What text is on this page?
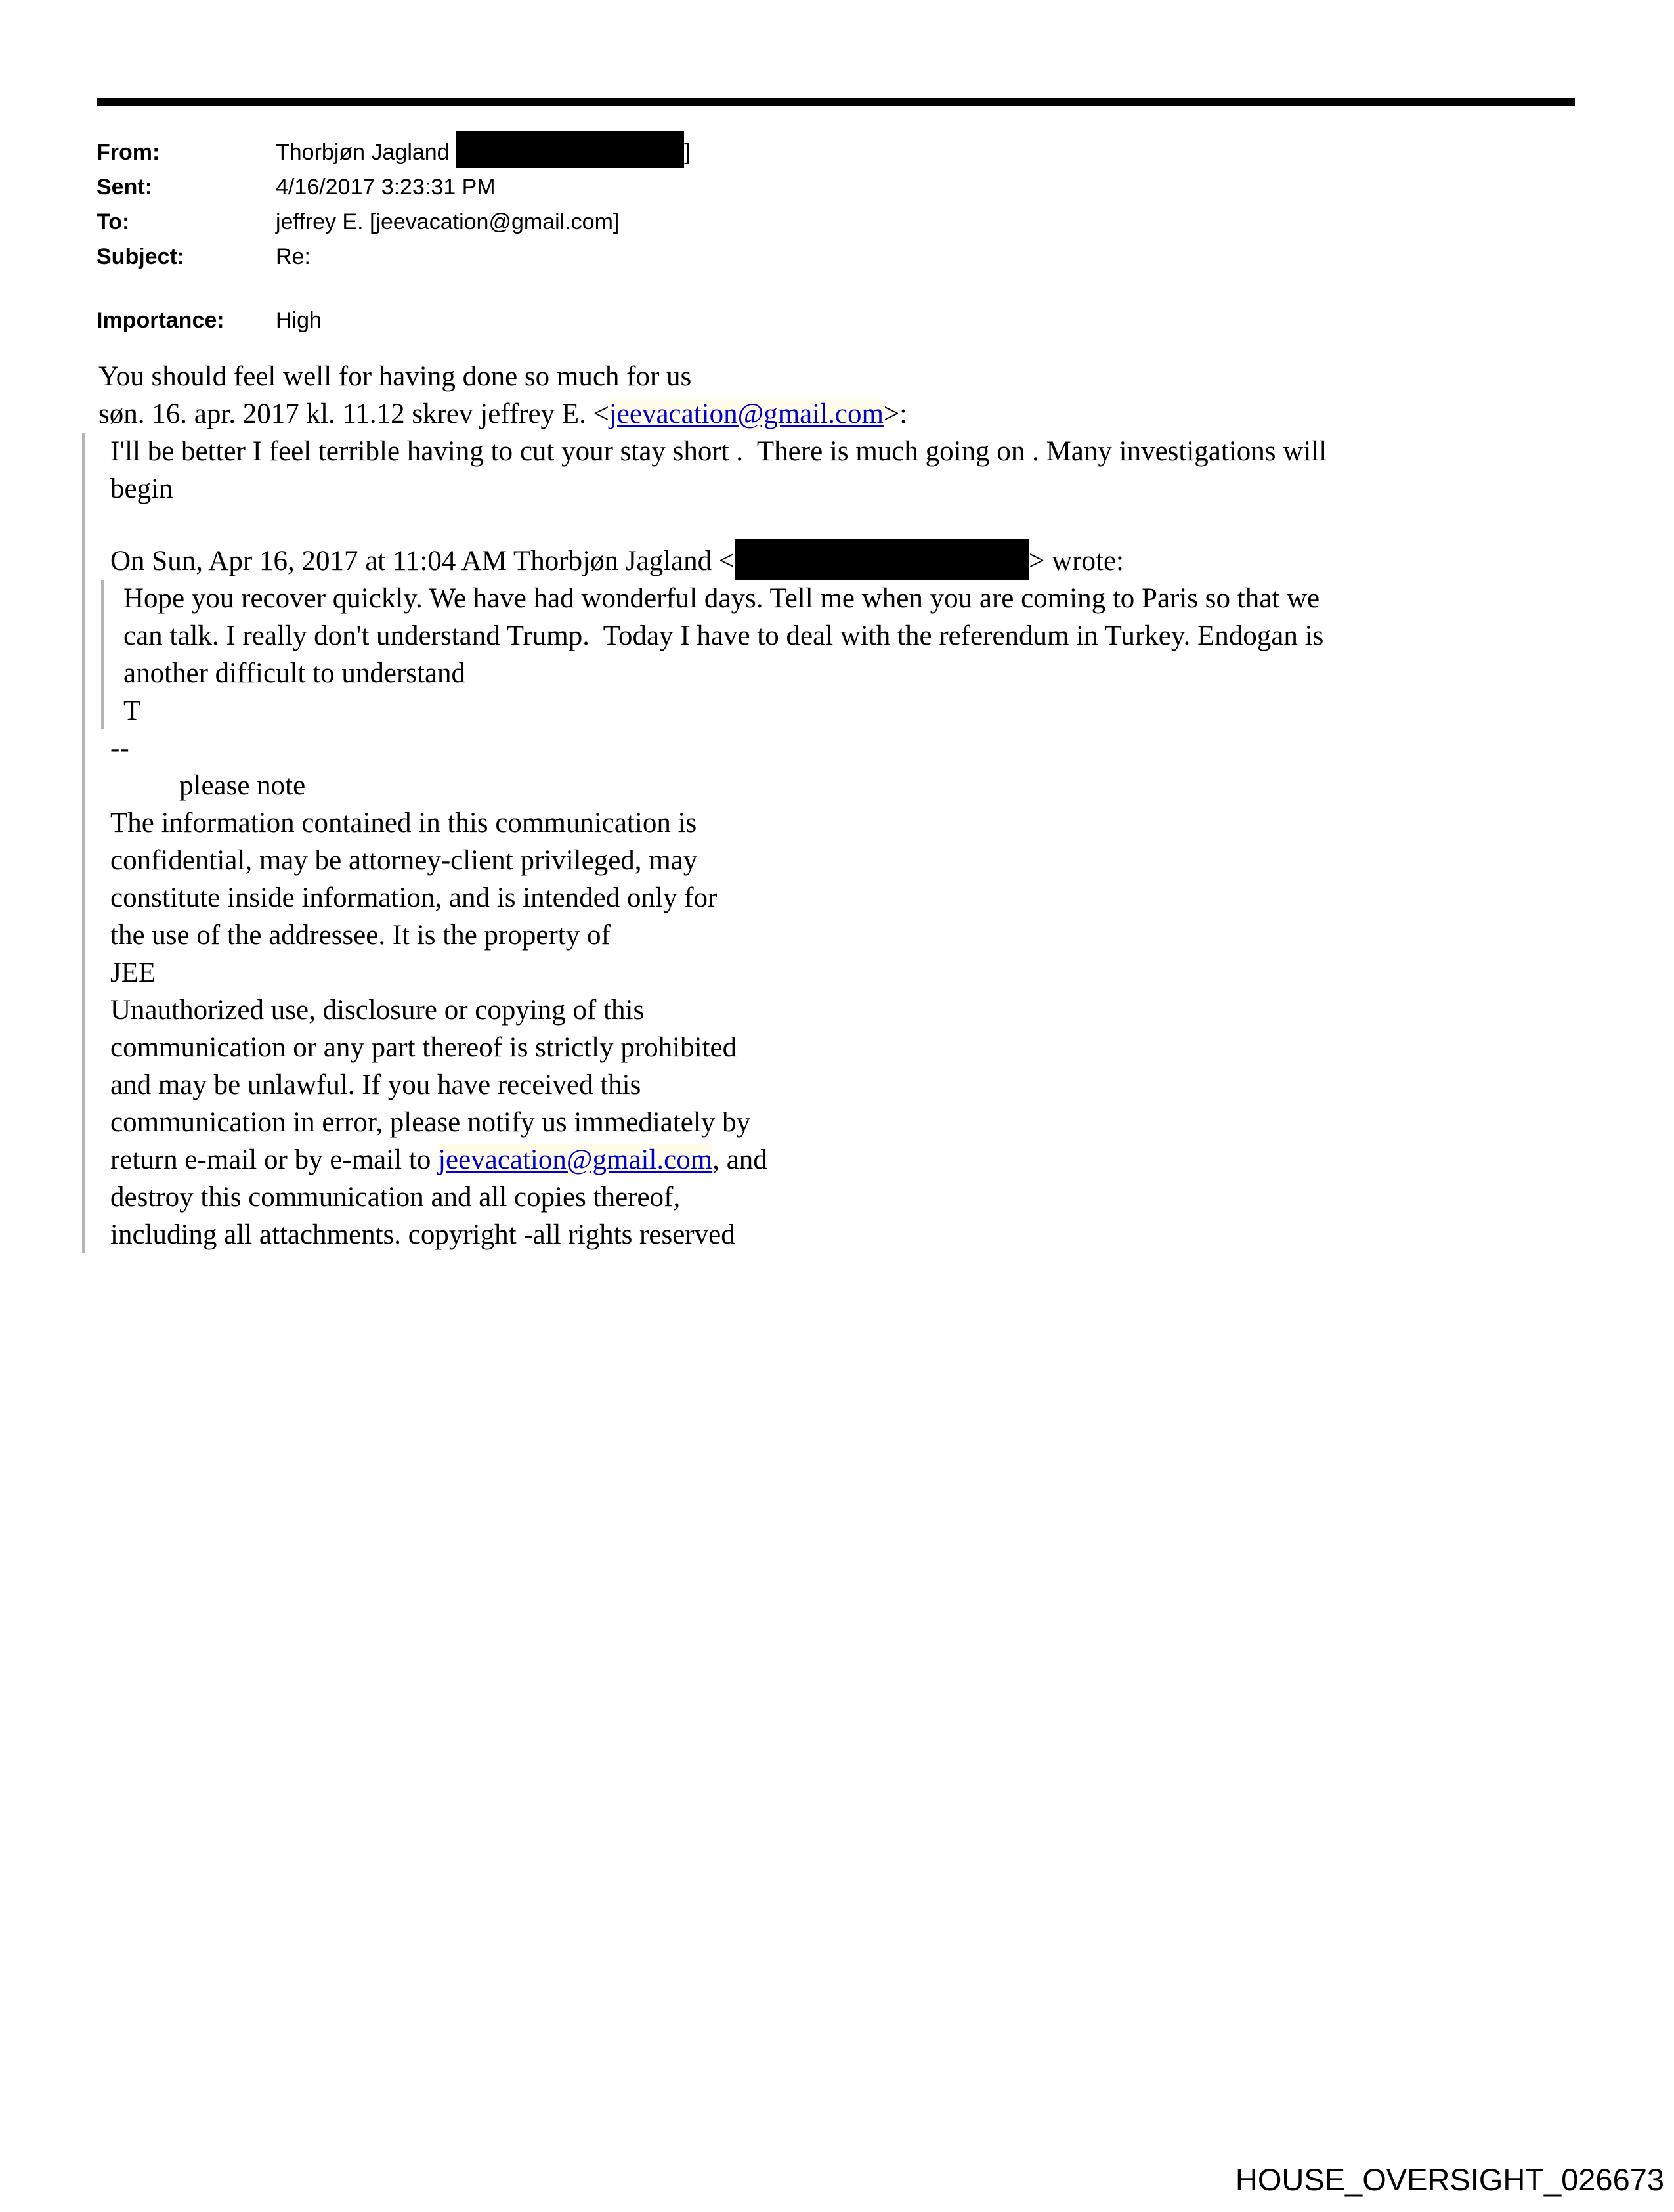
From:	Thorbjøn Jagland	]
Sent:	4/16/2017 3:23:31 PM
To:	jeffrey E. [jeevacation@gmail.com]
Subject:	Re:
Importance:	High
You should feel well for having done so much for us
søn. 16. apr. 2017 kl. 11.12 skrev jeffrey E. <jeevacation@gmail.com>:
I'll be better I feel terrible having to cut your stay short .  There is much going on . Many investigations will
begin
On Sun, Apr 16, 2017 at 11:04 AM Thorbjøn Jagland <	> wrote:
Hope you recover quickly. We have had wonderful days. Tell me when you are coming to Paris so that we
can talk. I really don't understand Trump.  Today I have to deal with the referendum in Turkey. Endogan is
another difficult to understand
T
--
please note
The information contained in this communication is
confidential, may be attorney-client privileged, may
constitute inside information, and is intended only for
the use of the addressee. It is the property of
JEE
Unauthorized use, disclosure or copying of this
communication or any part thereof is strictly prohibited
and may be unlawful. If you have received this
communication in error, please notify us immediately by
return e-mail or by e-mail to jeevacation@gmail.com, and
destroy this communication and all copies thereof,
including all attachments. copyright -all rights reserved
HOUSE_OVERSIGHT_026673
